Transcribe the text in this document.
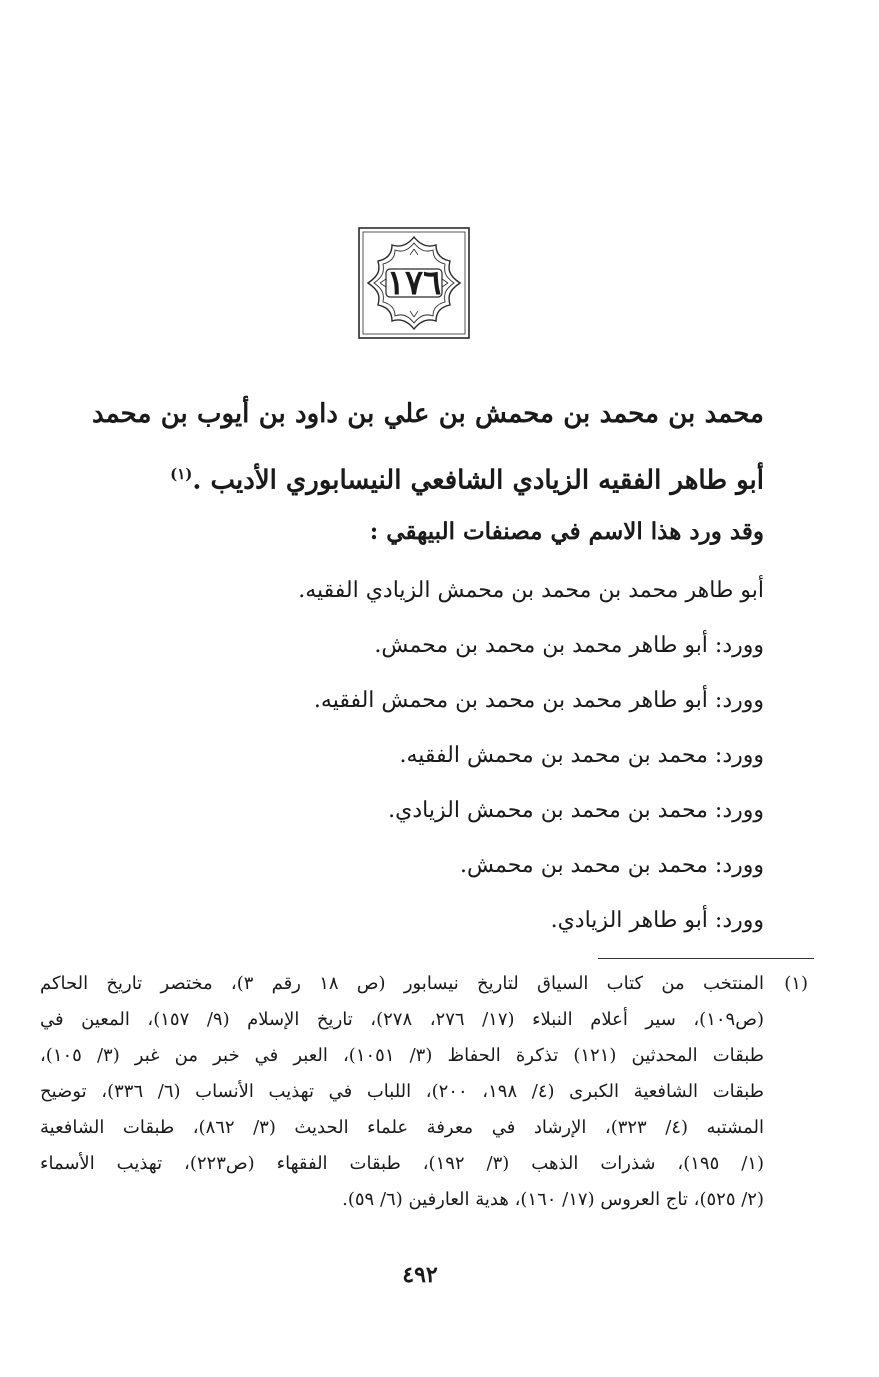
١٧٦
محمد بن محمد بن محمش بن علي بن داود بن أيوب بن محمد
أبو طاهر الفقيه الزيادي الشافعي النيسابوري الأديب .$^{(١)}$
وقد ورد هذا الاسم في مصنفات البيهقي :
أبو طاهر محمد بن محمد بن محمش الزيادي الفقيه.
وورد: أبو طاهر محمد بن محمد بن محمش.
وورد: أبو طاهر محمد بن محمد بن محمش الفقيه.
وورد: محمد بن محمد بن محمش الفقيه.
وورد: محمد بن محمد بن محمش الزيادي.
وورد: محمد بن محمد بن محمش.
وورد: أبو طاهر الزيادي.
(١)
المنتخب من كتاب السياق لتاريخ نيسابور (ص ١٨ رقم ٣)، مختصر تاريخ الحاكم
(ص١٠٩)، سير أعلام النبلاء (١٧/ ٢٧٦، ٢٧٨)، تاريخ الإسلام (٩/ ١٥٧)، المعين في
طبقات المحدثين (١٢١) تذكرة الحفاظ (٣/ ١٠٥١)، العبر في خبر من غبر (٣/ ١٠٥)،
طبقات الشافعية الكبرى (٤/ ١٩٨، ٢٠٠)، اللباب في تهذيب الأنساب (٦/ ٣٣٦)، توضيح
المشتبه (٤/ ٣٢٣)، الإرشاد في معرفة علماء الحديث (٣/ ٨٦٢)، طبقات الشافعية
(١/ ١٩٥)، شذرات الذهب (٣/ ١٩٢)، طبقات الفقهاء (ص٢٢٣)، تهذيب الأسماء
(٢/ ٥٢٥)، تاج العروس (١٧/ ١٦٠)، هدية العارفين (٦/ ٥٩).
٤٩٢
